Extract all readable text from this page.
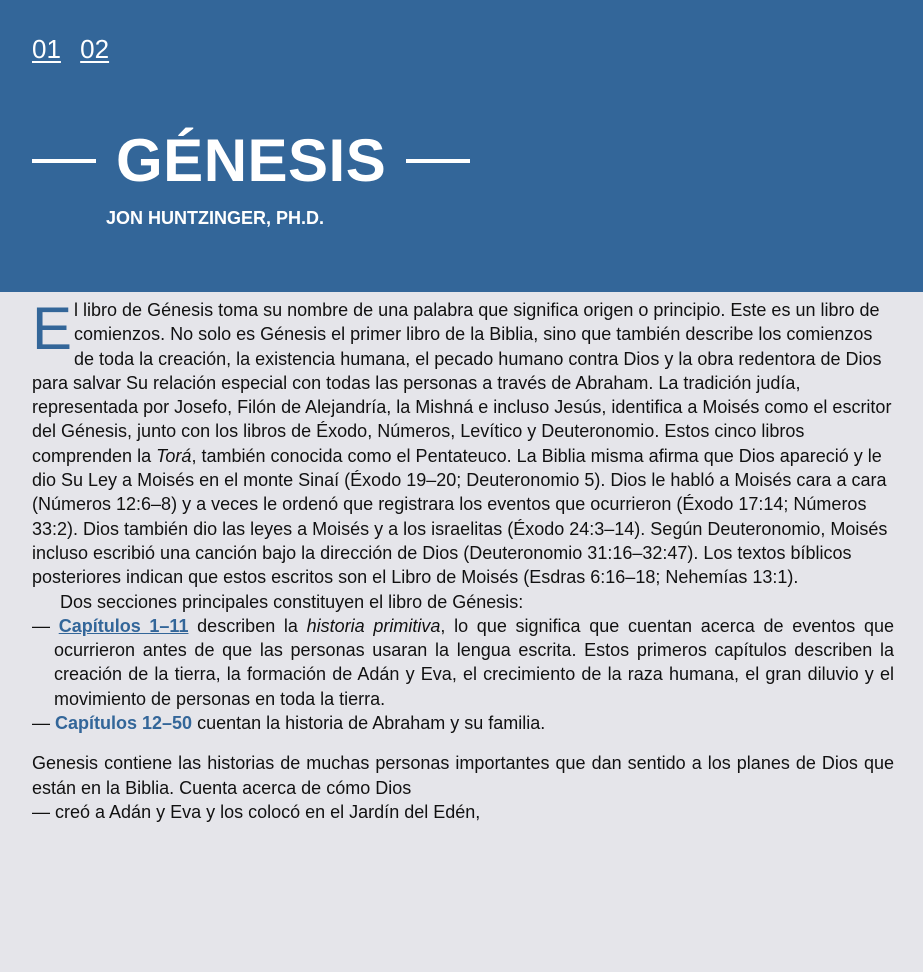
01 02
GÉNESIS
JON HUNTZINGER, PH.D.

El libro de Génesis toma su nombre de una palabra que significa origen o principio. Este es un libro de comienzos. No solo es Génesis el primer libro de la Biblia, sino que también describe los comienzos de toda la creación, la existencia humana, el pecado humano contra Dios y la obra redentora de Dios para salvar Su relación especial con todas las personas a través de Abraham. La tradición judía, representada por Josefo, Filón de Alejandría, la Mishná e incluso Jesús, identifica a Moisés como el escritor del Génesis, junto con los libros de Éxodo, Números, Levítico y Deuteronomio. Estos cinco libros comprenden la Torá, también conocida como el Pentateuco. La Biblia misma afirma que Dios apareció y le dio Su Ley a Moisés en el monte Sinaí (Éxodo 19–20; Deuteronomio 5). Dios le habló a Moisés cara a cara (Números 12:6–8) y a veces le ordenó que registrara los eventos que ocurrieron (Éxodo 17:14; Números 33:2). Dios también dio las leyes a Moisés y a los israelitas (Éxodo 24:3–14). Según Deuteronomio, Moisés incluso escribió una canción bajo la dirección de Dios (Deuteronomio 31:16–32:47). Los textos bíblicos posteriores indican que estos escritos son el Libro de Moisés (Esdras 6:16–18; Nehemías 13:1).

Dos secciones principales constituyen el libro de Génesis:

— Capítulos 1–11 describen la historia primitiva, lo que significa que cuentan acerca de eventos que ocurrieron antes de que las personas usaran la lengua escrita. Estos primeros capítulos describen la creación de la tierra, la formación de Adán y Eva, el crecimiento de la raza humana, el gran diluvio y el movimiento de personas en toda la tierra.
— Capítulos 12–50 cuentan la historia de Abraham y su familia.

Genesis contiene las historias de muchas personas importantes que dan sentido a los planes de Dios que están en la Biblia. Cuenta acerca de cómo Dios
— creó a Adán y Eva y los colocó en el Jardín del Edén,
